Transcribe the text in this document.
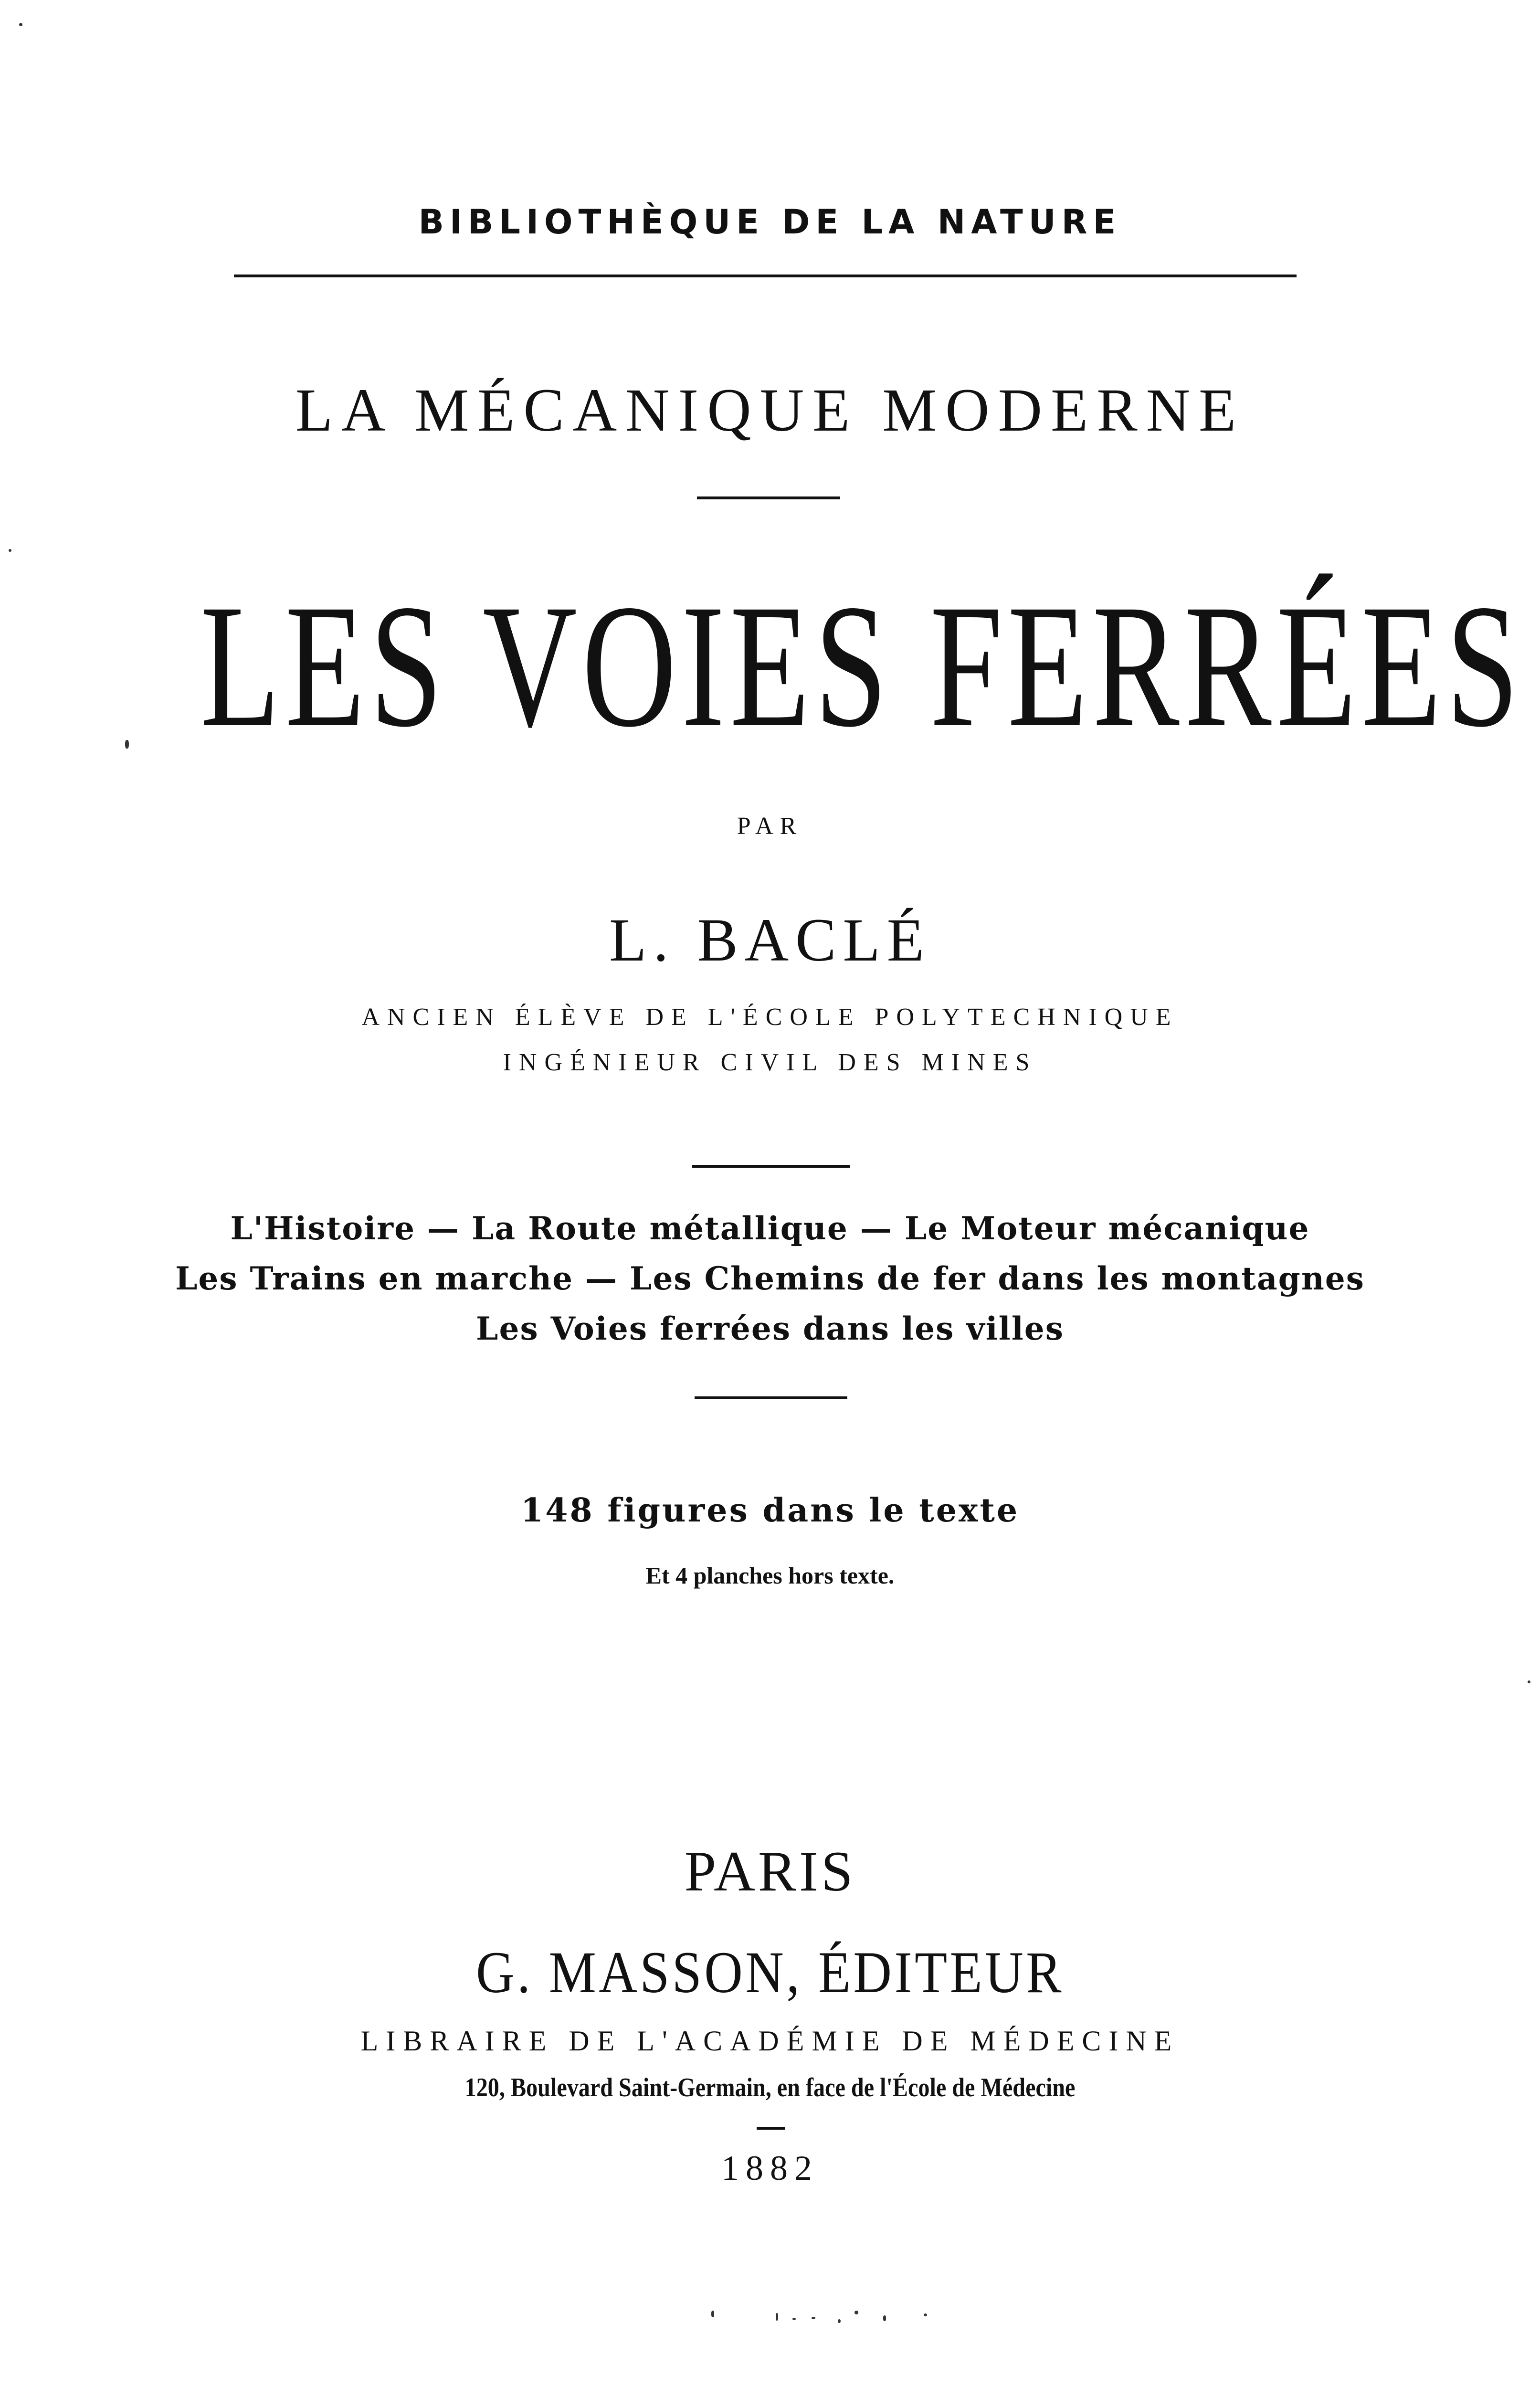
BIBLIOTHÈQUE DE LA NATURE
LA MÉCANIQUE MODERNE
LES VOIES FERRÉES
PAR
L. BACLÉ
ANCIEN ÉLÈVE DE L'ÉCOLE POLYTECHNIQUE
INGÉNIEUR CIVIL DES MINES
L'Histoire — La Route métallique — Le Moteur mécanique
Les Trains en marche — Les Chemins de fer dans les montagnes
Les Voies ferrées dans les villes
148 figures dans le texte
Et 4 planches hors texte.
PARIS
G. MASSON, ÉDITEUR
LIBRAIRE DE L'ACADÉMIE DE MÉDECINE
120, Boulevard Saint-Germain, en face de l'École de Médecine
1882
